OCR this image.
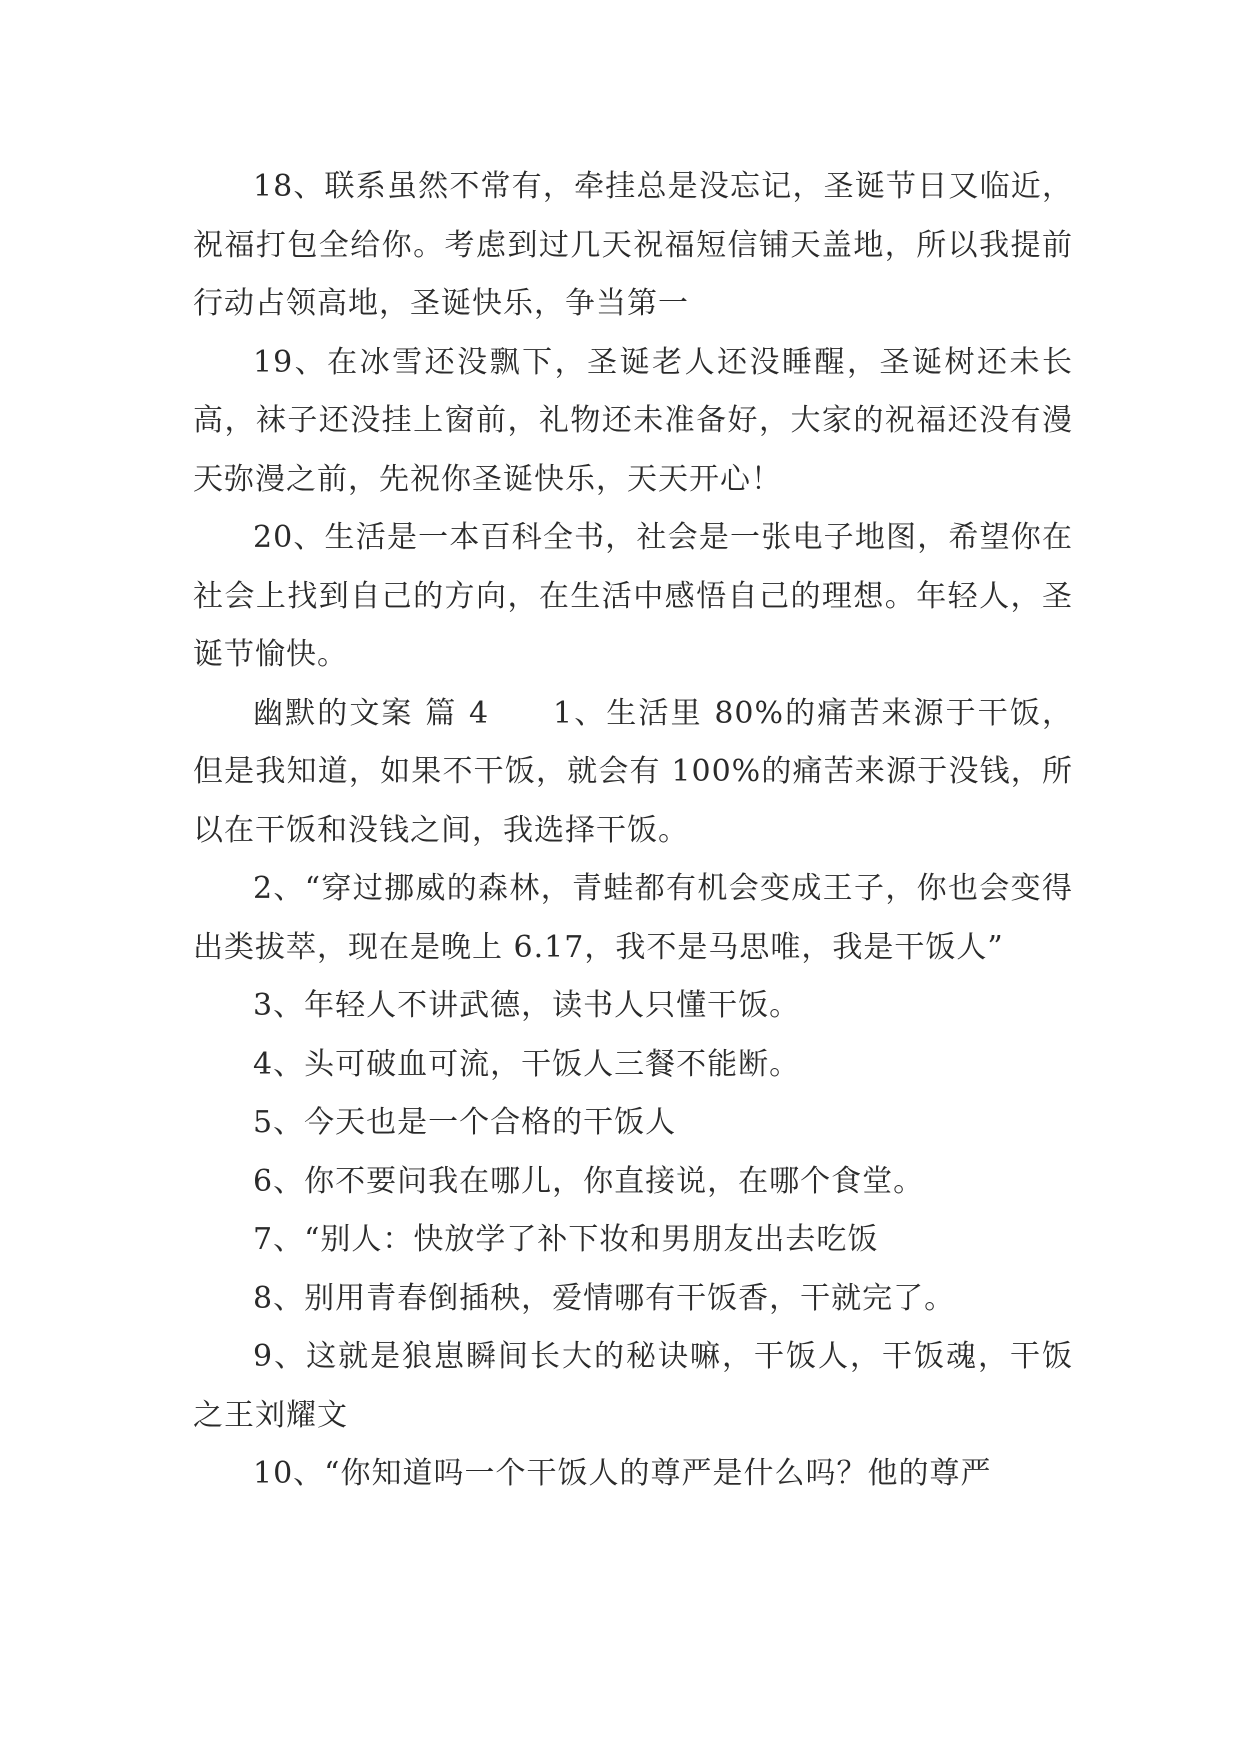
18、联系虽然不常有，牵挂总是没忘记，圣诞节日又临近，祝福打包全给你。考虑到过几天祝福短信铺天盖地，所以我提前行动占领高地，圣诞快乐，争当第一

19、在冰雪还没飘下，圣诞老人还没睡醒，圣诞树还未长高，袜子还没挂上窗前，礼物还未准备好，大家的祝福还没有漫天弥漫之前，先祝你圣诞快乐，天天开心！

20、生活是一本百科全书，社会是一张电子地图，希望你在社会上找到自己的方向，在生活中感悟自己的理想。年轻人，圣诞节愉快。

幽默的文案 篇 4 1、生活里 80%的痛苦来源于干饭，但是我知道，如果不干饭，就会有 100%的痛苦来源于没钱，所以在干饭和没钱之间，我选择干饭。

2、“穿过挪威的森林，青蛙都有机会变成王子，你也会变得出类拔萃，现在是晚上 6.17，我不是马思唯，我是干饭人”

3、年轻人不讲武德，读书人只懂干饭。

4、头可破血可流，干饭人三餐不能断。

5、今天也是一个合格的干饭人

6、你不要问我在哪儿，你直接说，在哪个食堂。

7、“别人：快放学了补下妆和男朋友出去吃饭

8、别用青春倒插秧，爱情哪有干饭香，干就完了。

9、这就是狼崽瞬间长大的秘诀嘛，干饭人，干饭魂，干饭之王刘耀文

10、“你知道吗一个干饭人的尊严是什么吗？他的尊严
